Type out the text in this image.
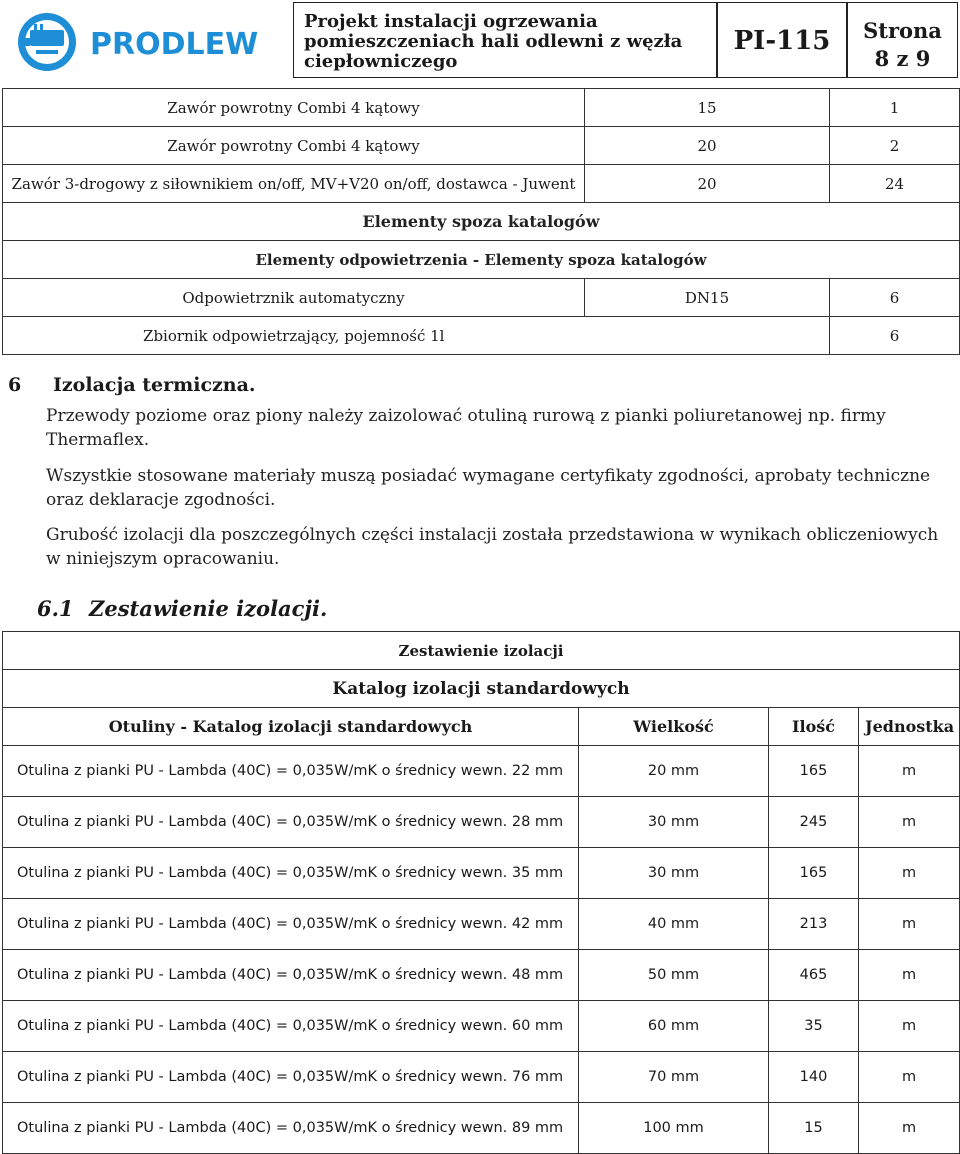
PRODLEW
Projekt instalacji ogrzewania pomieszczeniach hali odlewni z węzła ciepłowniczego
PI-115	Strona
8 z 9
Zawór powrotny Combi 4 kątowy	15	1
Zawór powrotny Combi 4 kątowy	20	2
Zawór 3-drogowy z siłownikiem on/off, MV+V20 on/off, dostawca - Juwent	20	24
Elementy spoza katalogów		
Elementy odpowietrzenia - Elementy spoza katalogów		
Odpowietrznik automatyczny	DN15	6
Zbiornik odpowietrzający, pojemność 1l		6
6 Izolacja termiczna.
Przewody poziome oraz piony należy zaizolować otuliną rurową z pianki poliuretanowej np. firmy Thermaflex.
Wszystkie stosowane materiały muszą posiadać wymagane certyfikaty zgodności, aprobaty techniczne oraz deklaracje zgodności.
Grubość izolacji dla poszczególnych części instalacji została przedstawiona w wynikach obliczeniowych w niniejszym opracowaniu.
6.1 Zestawienie izolacji.
Zestawienie izolacji			
Katalog izolacji standardowych			
Otuliny - Katalog izolacji standardowych	Wielkość	Ilość	Jednostka
Otulina z pianki PU - Lambda (40C) = 0,035W/mK o średnicy wewn. 22 mm	20 mm	165	m
Otulina z pianki PU - Lambda (40C) = 0,035W/mK o średnicy wewn. 28 mm	30 mm	245	m
Otulina z pianki PU - Lambda (40C) = 0,035W/mK o średnicy wewn. 35 mm	30 mm	165	m
Otulina z pianki PU - Lambda (40C) = 0,035W/mK o średnicy wewn. 42 mm	40 mm	213	m
Otulina z pianki PU - Lambda (40C) = 0,035W/mK o średnicy wewn. 48 mm	50 mm	465	m
Otulina z pianki PU - Lambda (40C) = 0,035W/mK o średnicy wewn. 60 mm	60 mm	35	m
Otulina z pianki PU - Lambda (40C) = 0,035W/mK o średnicy wewn. 76 mm	70 mm	140	m
Otulina z pianki PU - Lambda (40C) = 0,035W/mK o średnicy wewn. 89 mm	100 mm	15	m
